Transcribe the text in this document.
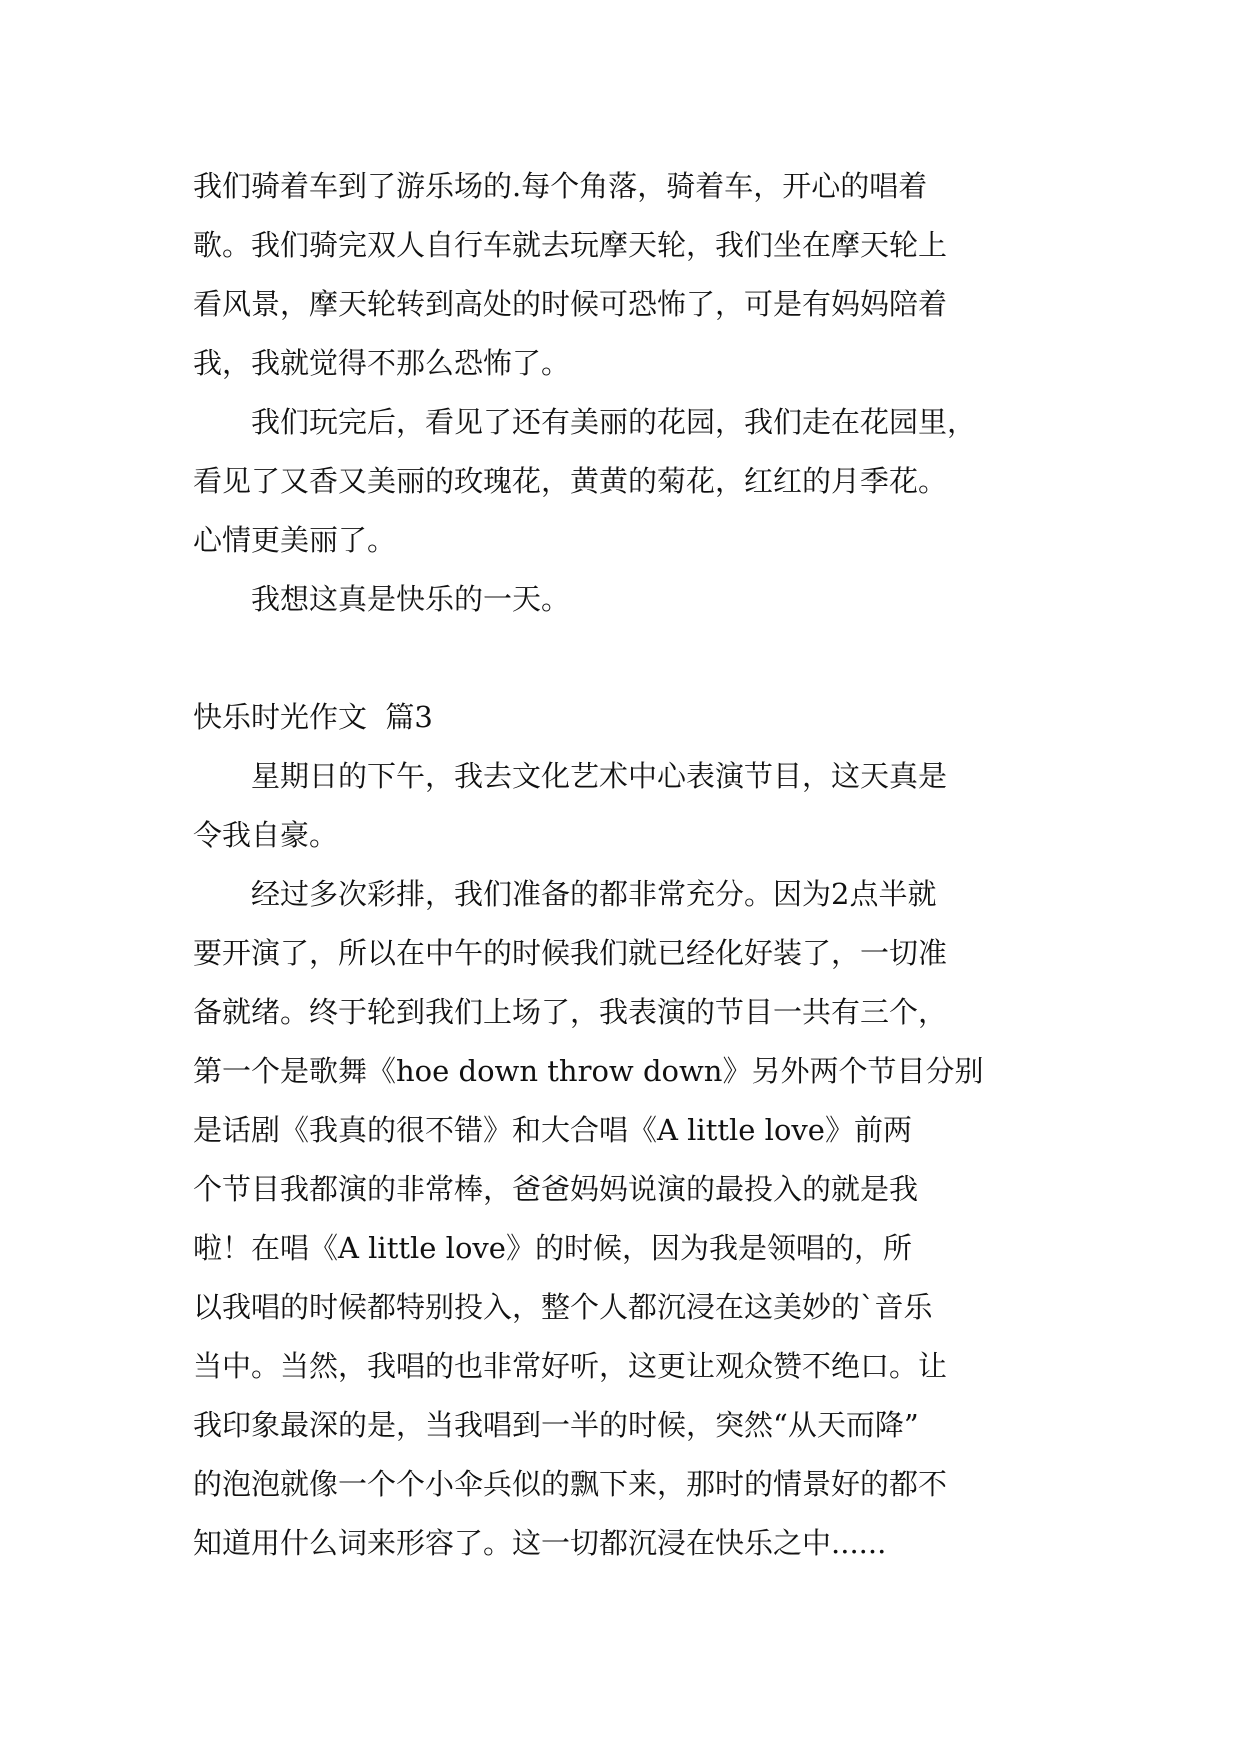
我们骑着车到了游乐场的.每个角落，骑着车，开心的唱着
歌。我们骑完双人自行车就去玩摩天轮，我们坐在摩天轮上
看风景，摩天轮转到高处的时候可恐怖了，可是有妈妈陪着
我，我就觉得不那么恐怖了。
　　我们玩完后，看见了还有美丽的花园，我们走在花园里，
看见了又香又美丽的玫瑰花，黄黄的菊花，红红的月季花。
心情更美丽了。
　　我想这真是快乐的一天。
快乐时光作文  篇3
　　星期日的下午，我去文化艺术中心表演节目，这天真是
令我自豪。
　　经过多次彩排，我们准备的都非常充分。因为2点半就
要开演了，所以在中午的时候我们就已经化好装了，一切准
备就绪。终于轮到我们上场了，我表演的节目一共有三个，
第一个是歌舞《hoe down throw down》另外两个节目分别
是话剧《我真的很不错》和大合唱《A little love》前两
个节目我都演的非常棒，爸爸妈妈说演的最投入的就是我
啦！在唱《A little love》的时候，因为我是领唱的，所
以我唱的时候都特别投入，整个人都沉浸在这美妙的`音乐
当中。当然，我唱的也非常好听，这更让观众赞不绝口。让
我印象最深的是，当我唱到一半的时候，突然“从天而降”
的泡泡就像一个个小伞兵似的飘下来，那时的情景好的都不
知道用什么词来形容了。这一切都沉浸在快乐之中......
